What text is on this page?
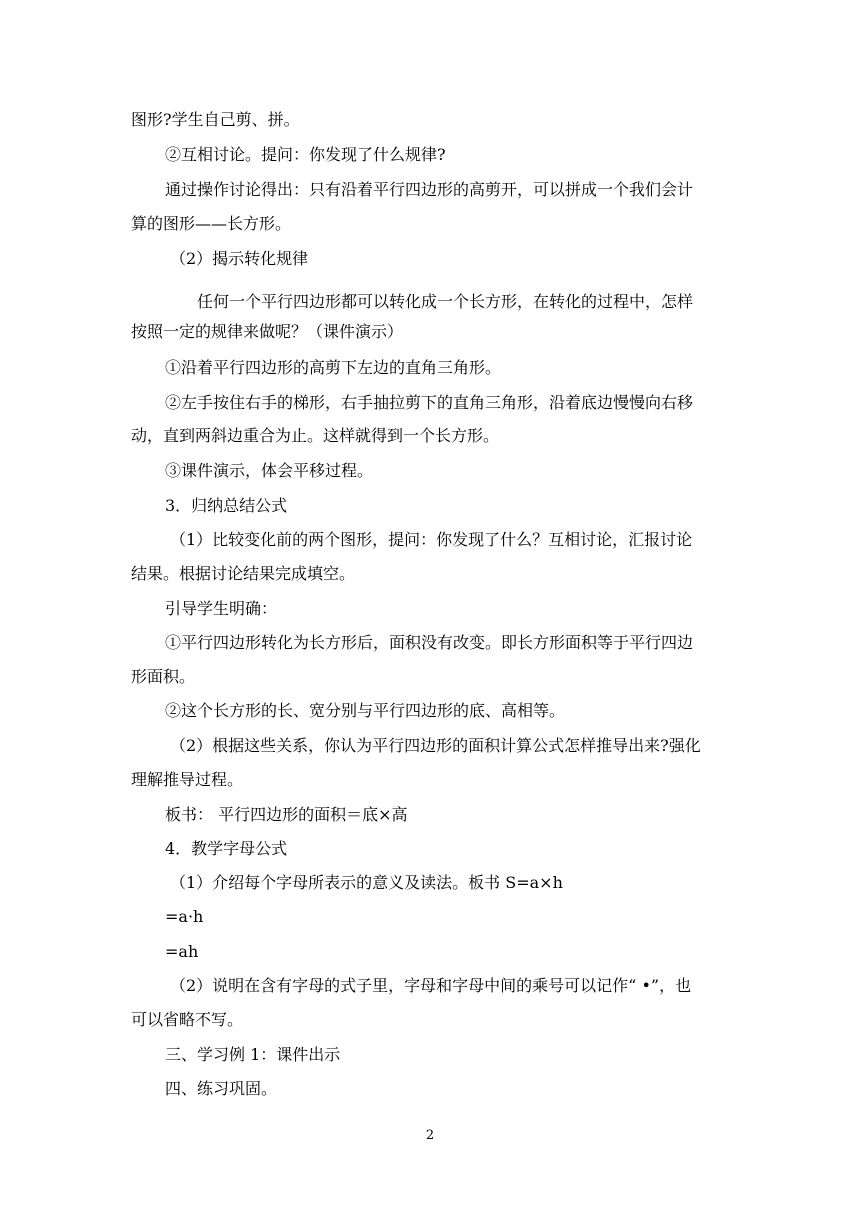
图形?学生自己剪、拼。
②互相讨论。提问：你发现了什么规律?
通过操作讨论得出：只有沿着平行四边形的高剪开，可以拼成一个我们会计
算的图形——长方形。
（2）揭示转化规律
任何一个平行四边形都可以转化成一个长方形，在转化的过程中，怎样
按照一定的规律来做呢？（课件演示）
①沿着平行四边形的高剪下左边的直角三角形。
②左手按住右手的梯形，右手抽拉剪下的直角三角形，沿着底边慢慢向右移
动，直到两斜边重合为止。这样就得到一个长方形。
③课件演示，体会平移过程。
3．归纳总结公式
（1）比较变化前的两个图形，提问：你发现了什么？互相讨论，汇报讨论
结果。根据讨论结果完成填空。
引导学生明确：
①平行四边形转化为长方形后，面积没有改变。即长方形面积等于平行四边
形面积。
②这个长方形的长、宽分别与平行四边形的底、高相等。
（2）根据这些关系，你认为平行四边形的面积计算公式怎样推导出来?强化
理解推导过程。
板书： 平行四边形的面积＝底×高
4．教学字母公式
（1）介绍每个字母所表示的意义及读法。板书 S=a×h
=a·h
=ah
（2）说明在含有字母的式子里，字母和字母中间的乘号可以记作“ •”，也
可以省略不写。
三、学习例 1：课件出示
四、练习巩固。
2
